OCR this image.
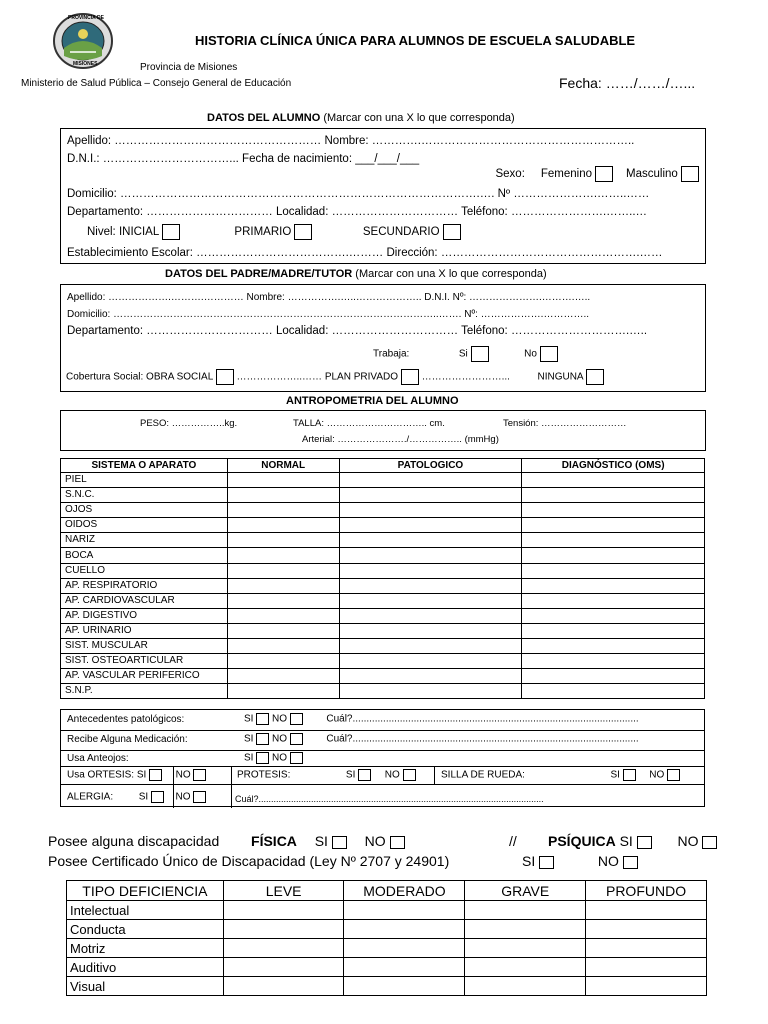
PROVINCIA DE
MISIONES
HISTORIA CLÍNICA ÚNICA PARA ALUMNOS DE ESCUELA SALUDABLE
Provincia de Misiones
Ministerio de Salud Pública – Consejo General de Educación	Fecha: ……/……/…...
DATOS DEL ALUMNO (Marcar con una X lo que corresponda)
Apellido: ……………………………………………… Nombre: ………….………………………………………………..
D.N.I.: ……………………………... Fecha de nacimiento: ___/___/___
Sexo: Femenino	Masculino
Domicilio: ………………………………………………………………………………….…. Nº ………………….……..……
Departamento: …………………………… Localidad: …………………………… Teléfono: …………………….……..…
Nivel: INICIAL	PRIMARIO	SECUNDARIO
Establecimiento Escolar: ………………………………….……… Dirección: …………………………………………….……
DATOS DEL PADRE/MADRE/TUTOR (Marcar con una X lo que corresponda)
Apellido: ……………….……….………… Nombre: …………….…..……………….. D.N.I. Nº: ………………….……….…..
Domicilio: ……………………………………………………………………………………..……. Nº: ……………….…………..
Departamento: …………………………… Localidad: …………………………… Teléfono: ………………………….…..
Trabaja:	Si	No
Cobertura Social: OBRA SOCIAL ………………..…… PLAN PRIVADO ……………………...	NINGUNA
ANTROPOMETRIA DEL ALUMNO
PESO: ……………..kg.	TALLA: ………………………….. cm.	Tensión: ………………………
Arterial: …………………./…………….. (mmHg)
SISTEMA O APARATO	NORMAL	PATOLOGICO	DIAGNÓSTICO (OMS)
PIEL			
S.N.C.			
OJOS			
OIDOS			
NARIZ			
BOCA			
CUELLO			
AP. RESPIRATORIO			
AP. CARDIOVASCULAR			
AP. DIGESTIVO			
AP. URINARIO			
SIST. MUSCULAR			
SIST. OSTEOARTICULAR			
AP. VASCULAR PERIFERICO			
S.N.P.			
Antecedentes patológicos:	SI NO	Cuál?.......................................................................................................
Recibe Alguna Medicación:	SI NO	Cuál?.......................................................................................................
Usa Anteojos:	SI NO
Usa ORTESIS: SI	NO	PROTESIS:	SI	NO	SILLA DE RUEDA:	SI	NO
ALERGIA:	SI	NO	Cuál?..................................................................................................................
Posee alguna discapacidad FÍSICA SI	NO	// PSÍQUICA SI	NO
Posee Certificado Único de Discapacidad (Ley Nº 2707 y 24901)	SI	NO
TIPO DEFICIENCIA	LEVE	MODERADO	GRAVE	PROFUNDO
Intelectual				
Conducta				
Motriz				
Auditivo				
Visual				
